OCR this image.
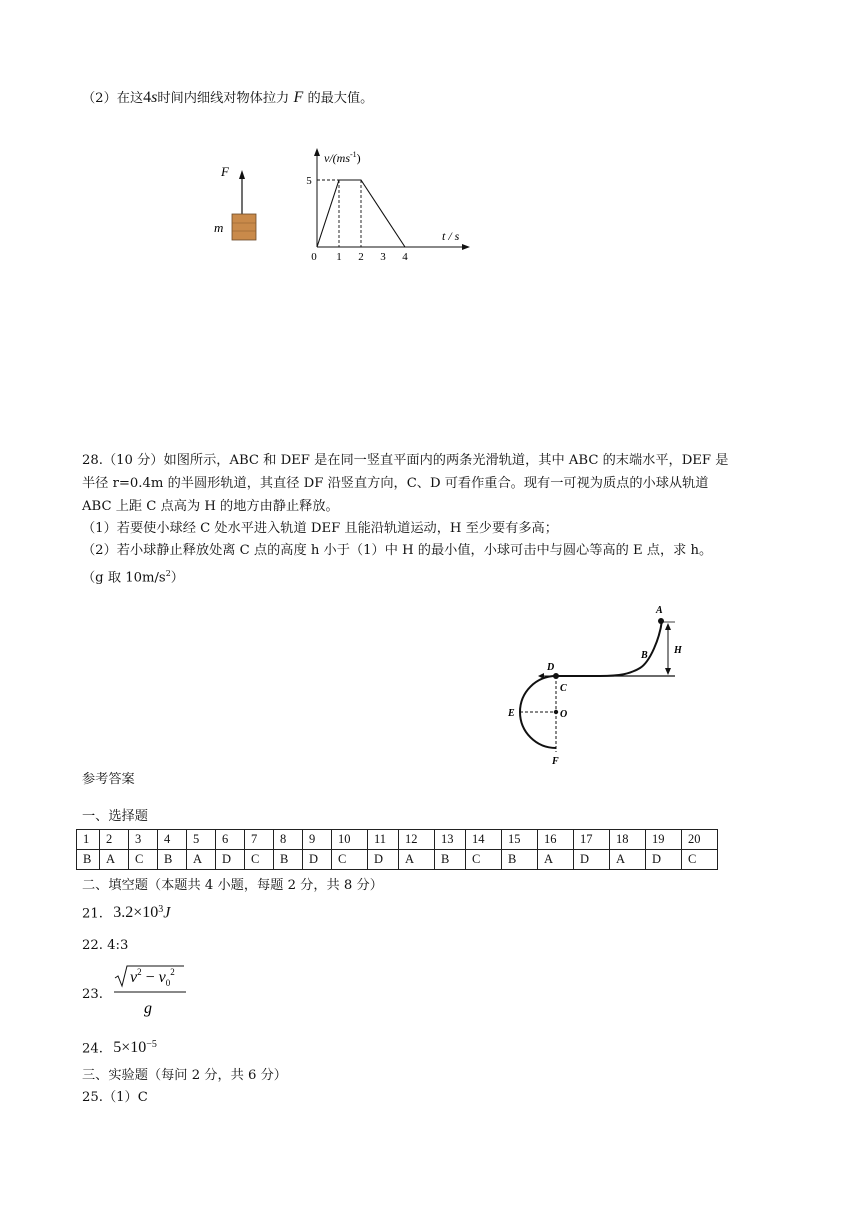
（2）在这4s时间内细线对物体拉力 F 的最大值。
F
m
$v/(ms^{-1})$
t / s
0 1 2 3 4
5
28.（10 分）如图所示，ABC 和 DEF 是在同一竖直平面内的两条光滑轨道，其中 ABC 的末端水平，DEF 是
半径 r=0.4m 的半圆形轨道，其直径 DF 沿竖直方向，C、D 可看作重合。现有一可视为质点的小球从轨道
ABC 上距 C 点高为 H 的地方由静止释放。
（1）若要使小球经 C 处水平进入轨道 DEF 且能沿轨道运动，H 至少要有多高；
（2）若小球静止释放处离 C 点的高度 h 小于（1）中 H 的最小值，小球可击中与圆心等高的 E 点，求 h。
（g 取 $10m/s^2$）
A
B	H
D
C
E	O
F
参考答案
一、选择题
1	2	3	4	5	6	7	8	9	10	11	12	13	14	15	16	17	18	19	20
B	A	C	B	A	D	C	B	D	C	D	A	B	C	B	A	D	A	D	C
二、填空题（本题共 4 小题，每题 2 分，共 8 分）
21. $3.2\times 10^3J$
22. 4:3
23.
$v^2 - v_0^2$
g
24. $5\times 10^{-5}$
三、实验题（每问 2 分，共 6 分）
25.（1）C
